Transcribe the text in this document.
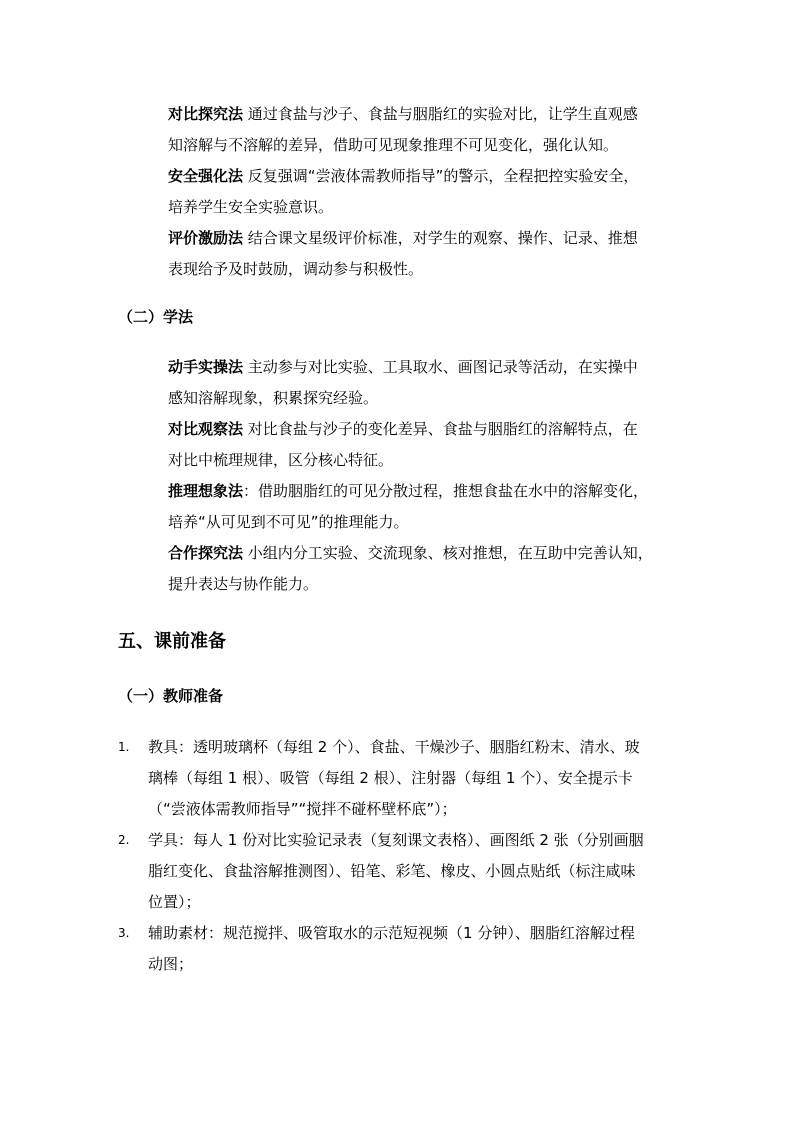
对比探究法 通过食盐与沙子、食盐与胭脂红的实验对比，让学生直观感
知溶解与不溶解的差异，借助可见现象推理不可见变化，强化认知。
安全强化法 反复强调“尝液体需教师指导”的警示，全程把控实验安全，
培养学生安全实验意识。
评价激励法 结合课文星级评价标准，对学生的观察、操作、记录、推想
表现给予及时鼓励，调动参与积极性。
（二）学法
动手实操法 主动参与对比实验、工具取水、画图记录等活动，在实操中
感知溶解现象，积累探究经验。
对比观察法 对比食盐与沙子的变化差异、食盐与胭脂红的溶解特点，在
对比中梳理规律，区分核心特征。
推理想象法：借助胭脂红的可见分散过程，推想食盐在水中的溶解变化，
培养“从可见到不可见”的推理能力。
合作探究法 小组内分工实验、交流现象、核对推想，在互助中完善认知，
提升表达与协作能力。
五、课前准备
（一）教师准备
1. 教具：透明玻璃杯（每组 2 个）、食盐、干燥沙子、胭脂红粉末、清水、玻
璃棒（每组 1 根）、吸管（每组 2 根）、注射器（每组 1 个）、安全提示卡
（“尝液体需教师指导”“搅拌不碰杯壁杯底”）；
2. 学具：每人 1 份对比实验记录表（复刻课文表格）、画图纸 2 张（分别画胭
脂红变化、食盐溶解推测图）、铅笔、彩笔、橡皮、小圆点贴纸（标注咸味
位置）；
3. 辅助素材：规范搅拌、吸管取水的示范短视频（1 分钟）、胭脂红溶解过程
动图；
